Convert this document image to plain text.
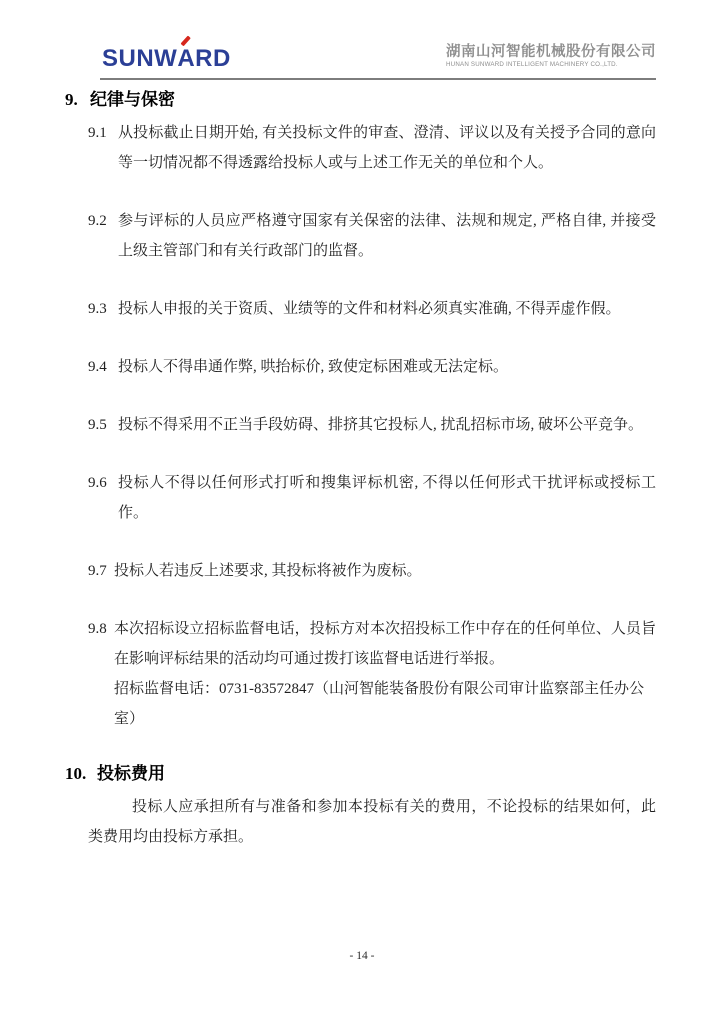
SUNWA
RD	湖南山河智能机械股份有限公司
HUNAN SUNWARD INTELLIGENT MACHINERY CO.,LTD.
9. 纪律与保密
9.1 从投标截止日期开始, 有关投标文件的审查、澄清、评议以及有关授予合同的意向等一切情况都不得透露给投标人或与上述工作无关的单位和个人。
9.2 参与评标的人员应严格遵守国家有关保密的法律、法规和规定, 严格自律, 并接受上级主管部门和有关行政部门的监督。
9.3 投标人申报的关于资质、业绩等的文件和材料必须真实准确, 不得弄虚作假。
9.4 投标人不得串通作弊, 哄抬标价, 致使定标困难或无法定标。
9.5 投标不得采用不正当手段妨碍、排挤其它投标人, 扰乱招标市场, 破坏公平竞争。
9.6 投标人不得以任何形式打听和搜集评标机密, 不得以任何形式干扰评标或授标工作。
9.7 投标人若违反上述要求, 其投标将被作为废标。
9.8 本次招标设立招标监督电话，投标方对本次招投标工作中存在的任何单位、人员旨在影响评标结果的活动均可通过拨打该监督电话进行举报。
招标监督电话：0731-83572847（山河智能装备股份有限公司审计监察部主任办公室）
10. 投标费用
投标人应承担所有与准备和参加本投标有关的费用，不论投标的结果如何，此类费用均由投标方承担。
- 14 -
